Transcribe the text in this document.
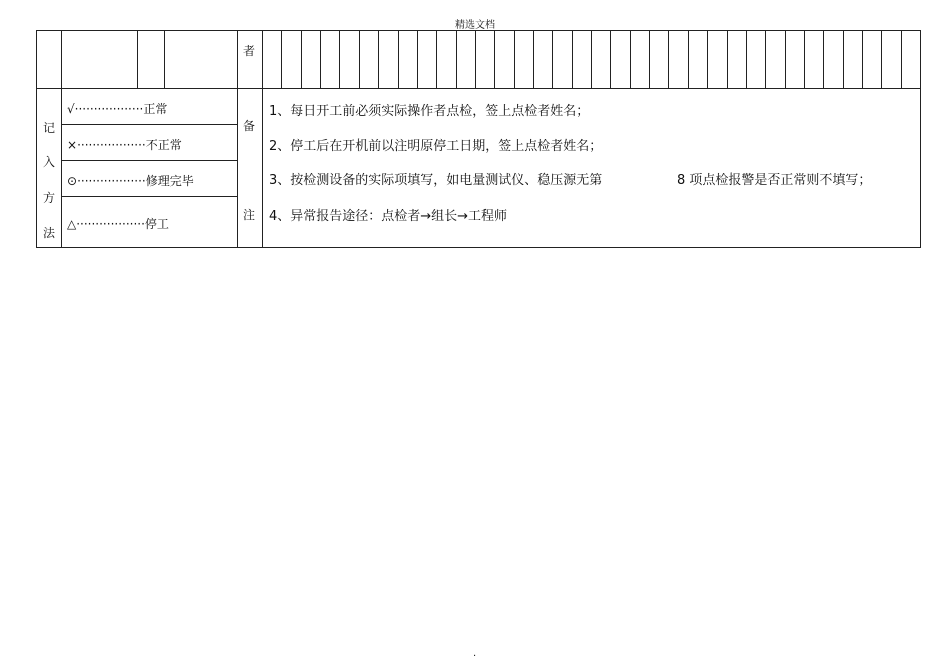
精选文档
者
记
入
方
法
√··················正常
×··················不正常
⊙··················修理完毕
△··················停工
备
注
1、每日开工前必须实际操作者点检，签上点检者姓名；
2、停工后在开机前以注明原停工日期，签上点检者姓名；
3、按检测设备的实际项填写，如电量测试仪、稳压源无第	8 项点检报警是否正常则不填写；
4、异常报告途径：点检者→组长→工程师
.
